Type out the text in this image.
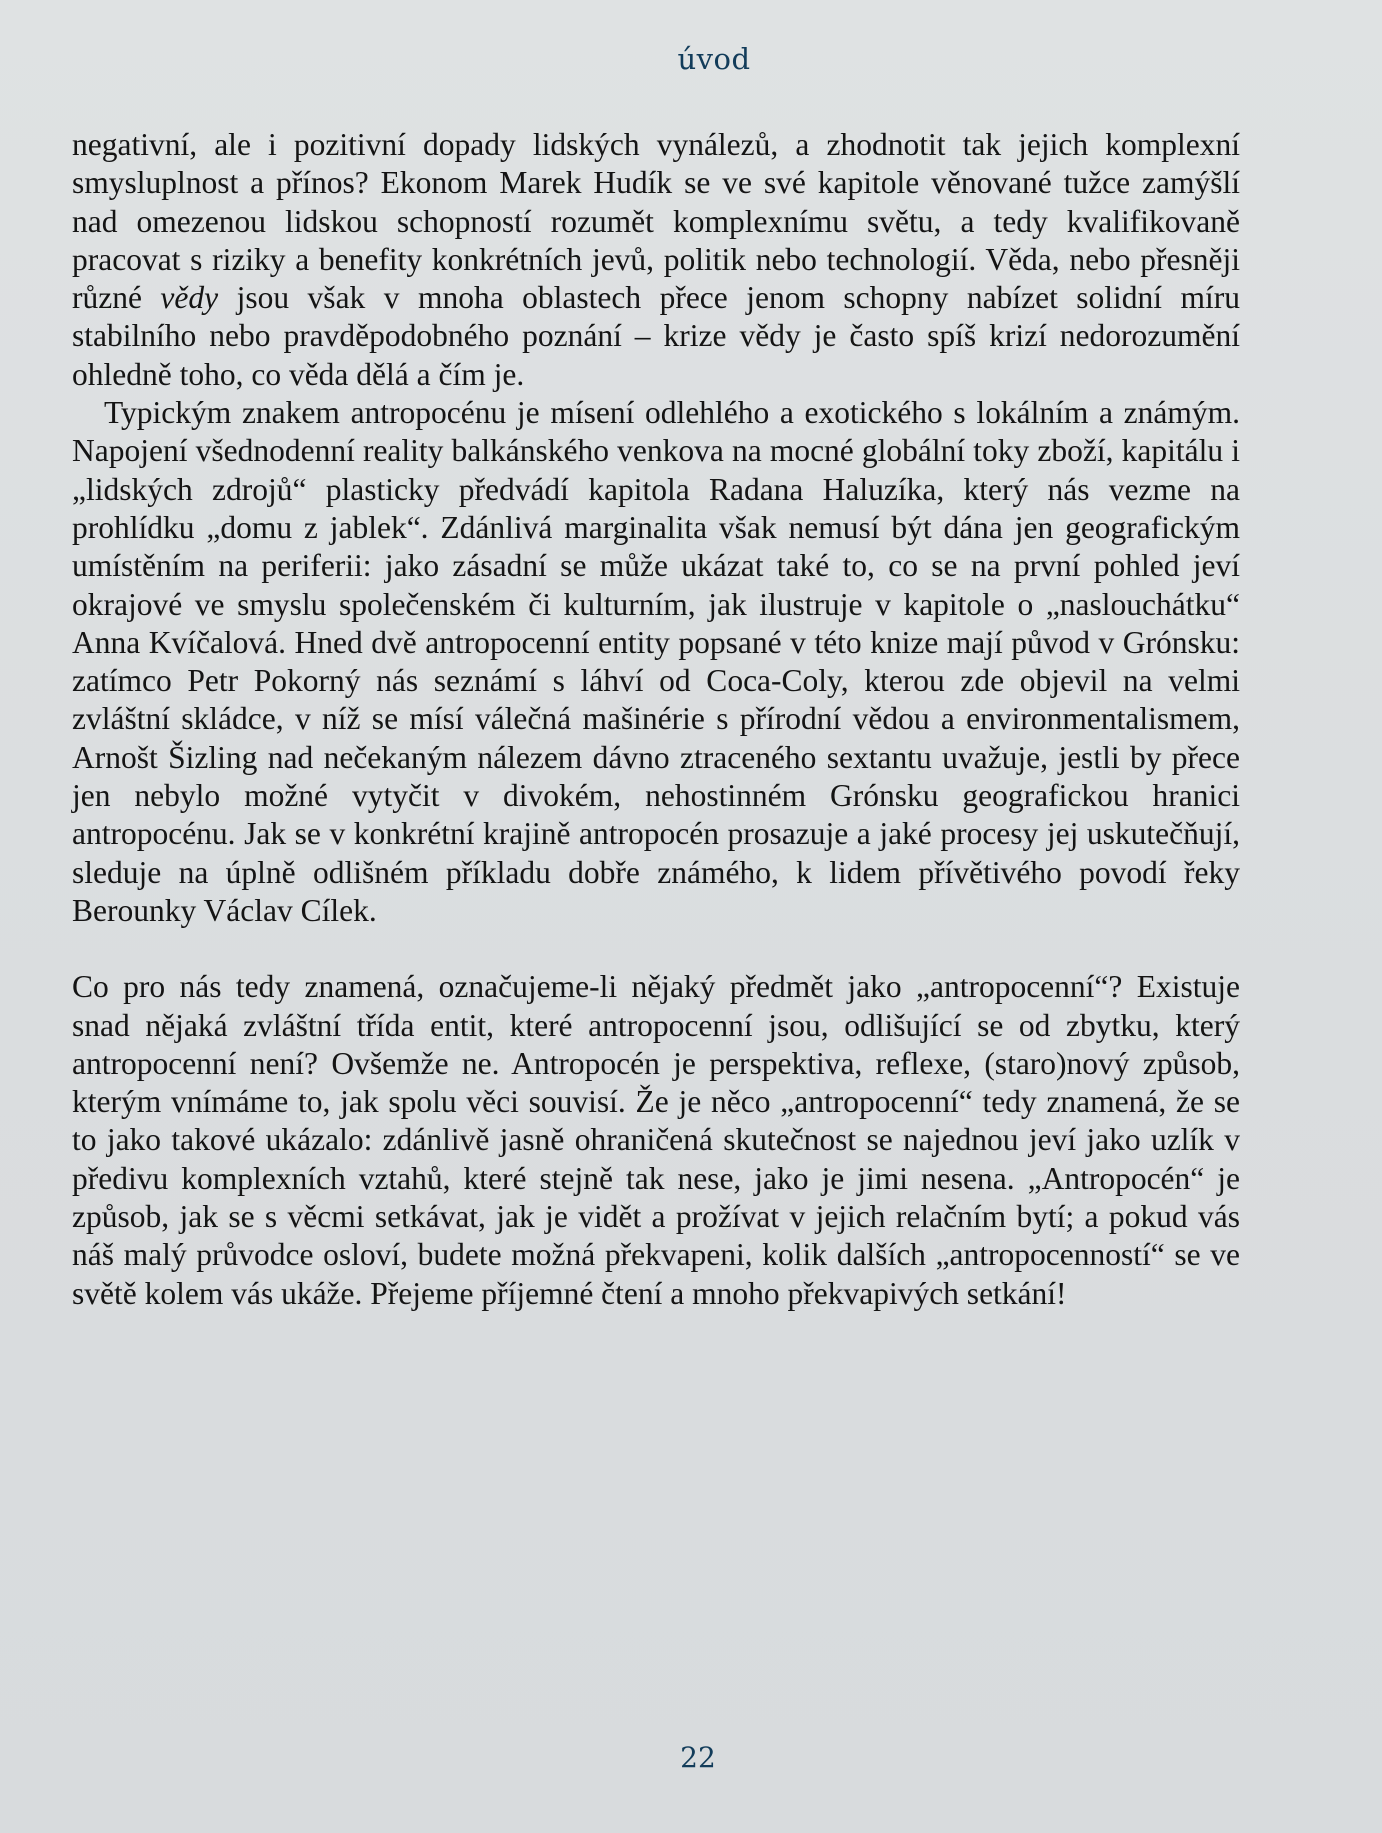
úvod

negativní, ale i pozitivní dopady lidských vynálezů, a zhodnotit tak jejich komplexní smysluplnost a přínos? Ekonom Marek Hudík se ve své kapitole věnované tužce zamýšlí nad omezenou lidskou schopností rozumět komplexnímu světu, a tedy kvalifikovaně pracovat s riziky a benefity konkrétních jevů, politik nebo technologií. Věda, nebo přesněji různé vědy jsou však v mnoha oblastech přece jenom schopny nabízet solidní míru stabilního nebo pravděpodobného poznání – krize vědy je často spíš krizí nedorozumění ohledně toho, co věda dělá a čím je.

Typickým znakem antropocénu je mísení odlehlého a exotického s lokálním a známým. Napojení všednodenní reality balkánského venkova na mocné globální toky zboží, kapitálu i „lidských zdrojů“ plasticky předvádí kapitola Radana Haluzíka, který nás vezme na prohlídku „domu z jablek“. Zdánlivá marginalita však nemusí být dána jen geografickým umístěním na periferii: jako zásadní se může ukázat také to, co se na první pohled jeví okrajové ve smyslu společenském či kulturním, jak ilustruje v kapitole o „naslouchátku“ Anna Kvíčalová. Hned dvě antropocenní entity popsané v této knize mají původ v Grónsku: zatímco Petr Pokorný nás seznámí s láhví od Coca-Coly, kterou zde objevil na velmi zvláštní skládce, v níž se mísí válečná mašinérie s přírodní vědou a environmentalismem, Arnošt Šizling nad nečekaným nálezem dávno ztraceného sextantu uvažuje, jestli by přece jen nebylo možné vytyčit v divokém, nehostinném Grónsku geografickou hranici antropocénu. Jak se v konkrétní krajině antropocén prosazuje a jaké procesy jej uskutečňují, sleduje na úplně odlišném příkladu dobře známého, k lidem přívětivého povodí řeky Berounky Václav Cílek.

Co pro nás tedy znamená, označujeme-li nějaký předmět jako „antropocenní“? Existuje snad nějaká zvláštní třída entit, které antropocenní jsou, odlišující se od zbytku, který antropocenní není? Ovšemže ne. Antropocén je perspektiva, reflexe, (staro)nový způsob, kterým vnímáme to, jak spolu věci souvisí. Že je něco „antropocenní“ tedy znamená, že se to jako takové ukázalo: zdánlivě jasně ohraničená skutečnost se najednou jeví jako uzlík v předivu komplexních vztahů, které stejně tak nese, jako je jimi nesena. „Antropocén“ je způsob, jak se s věcmi setkávat, jak je vidět a prožívat v jejich relačním bytí; a pokud vás náš malý průvodce osloví, budete možná překvapeni, kolik dalších „antropocenností“ se ve světě kolem vás ukáže. Přejeme příjemné čtení a mnoho překvapivých setkání!

22
